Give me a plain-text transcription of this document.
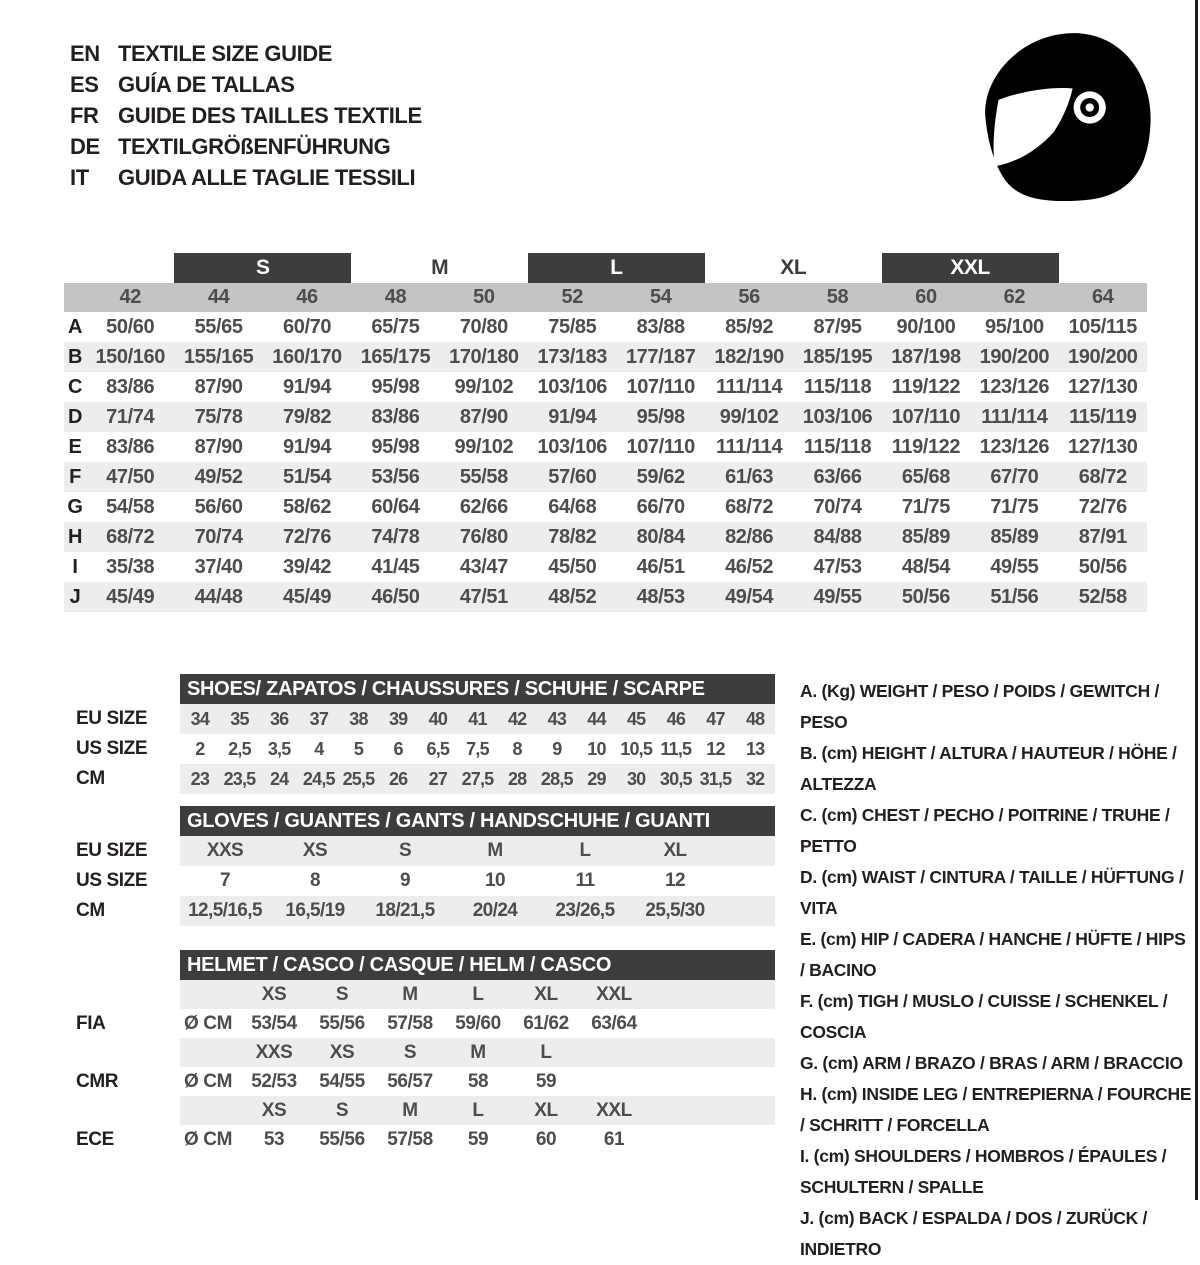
EN TEXTILE SIZE GUIDE
ES GUÍA DE TALLAS
FR GUIDE DES TAILLES TEXTILE
DE TEXTILGRÖßENFÜHRUNG
IT	GUIDA ALLE TAGLIE TESSILI
S	M	L	XL	XXL
42	44	46	48	50	52	54	56	58	60	62	64
A	50/60	55/65	60/70	65/75	70/80	75/85	83/88	85/92	87/95	90/100	95/100	105/115
B 150/160 155/165 160/170 165/175 170/180 173/183 177/187 182/190 185/195 187/198 190/200 190/200
C	83/86	87/90	91/94	95/98	99/102	103/106 107/110	111/114	115/118	119/122 123/126 127/130
D	71/74	75/78	79/82	83/86	87/90	91/94	95/98	99/102	103/106 107/110	111/114	115/119
E	83/86	87/90	91/94	95/98	99/102	103/106 107/110	111/114	115/118	119/122 123/126 127/130
F	47/50	49/52	51/54	53/56	55/58	57/60	59/62	61/63	63/66	65/68	67/70	68/72
G	54/58	56/60	58/62	60/64	62/66	64/68	66/70	68/72	70/74	71/75	71/75	72/76
H	68/72	70/74	72/76	74/78	76/80	78/82	80/84	82/86	84/88	85/89	85/89	87/91
I	35/38	37/40	39/42	41/45	43/47	45/50	46/51	46/52	47/53	48/54	49/55	50/56
J	45/49	44/48	45/49	46/50	47/51	48/52	48/53	49/54	49/55	50/56	51/56	52/58
SHOES/ ZAPATOS / CHAUSSURES / SCHUHE / SCARPE
EU SIZE	34	35	36	37	38	39	40	41	42	43	44	45	46	47	48
US SIZE	2	2,5 3,5	4	5	6	6,5 7,5	8	9	10 10,5 11,5 12	13
CM	23 23,5 24 24,5 25,5 26	27 27,5 28 28,5 29	30 30,5 31,5 32
GLOVES / GUANTES / GANTS / HANDSCHUHE / GUANTI
EU SIZE	XXS	XS	S	M	L	XL
US SIZE	7	8	9	10	11	12
CM	12,5/16,5	16,5/19	18/21,5	20/24	23/26,5	25,5/30
HELMET / CASCO / CASQUE / HELM / CASCO
XS	S	M	L	XL	XXL
FIA	Ø CM	53/54	55/56	57/58	59/60	61/62	63/64
XXS	XS	S	M	L
CMR	Ø CM	52/53	54/55	56/57	58	59
XS	S	M	L	XL	XXL
ECE	Ø CM	53	55/56	57/58	59	60	61
A. (Kg) WEIGHT / PESO / POIDS / GEWITCH / PESO
B. (cm) HEIGHT / ALTURA / HAUTEUR / HÖHE / ALTEZZA
C. (cm) CHEST / PECHO / POITRINE / TRUHE / PETTO
D. (cm) WAIST / CINTURA / TAILLE / HÜFTUNG / VITA
E. (cm) HIP / CADERA / HANCHE / HÜFTE / HIPS / BACINO
F. (cm) TIGH / MUSLO / CUISSE / SCHENKEL / COSCIA
G. (cm) ARM / BRAZO / BRAS / ARM / BRACCIO
H. (cm) INSIDE LEG / ENTREPIERNA / FOURCHE / SCHRITT / FORCELLA
I. (cm) SHOULDERS / HOMBROS / ÉPAULES / SCHULTERN / SPALLE
J. (cm) BACK / ESPALDA / DOS / ZURÜCK / INDIETRO
